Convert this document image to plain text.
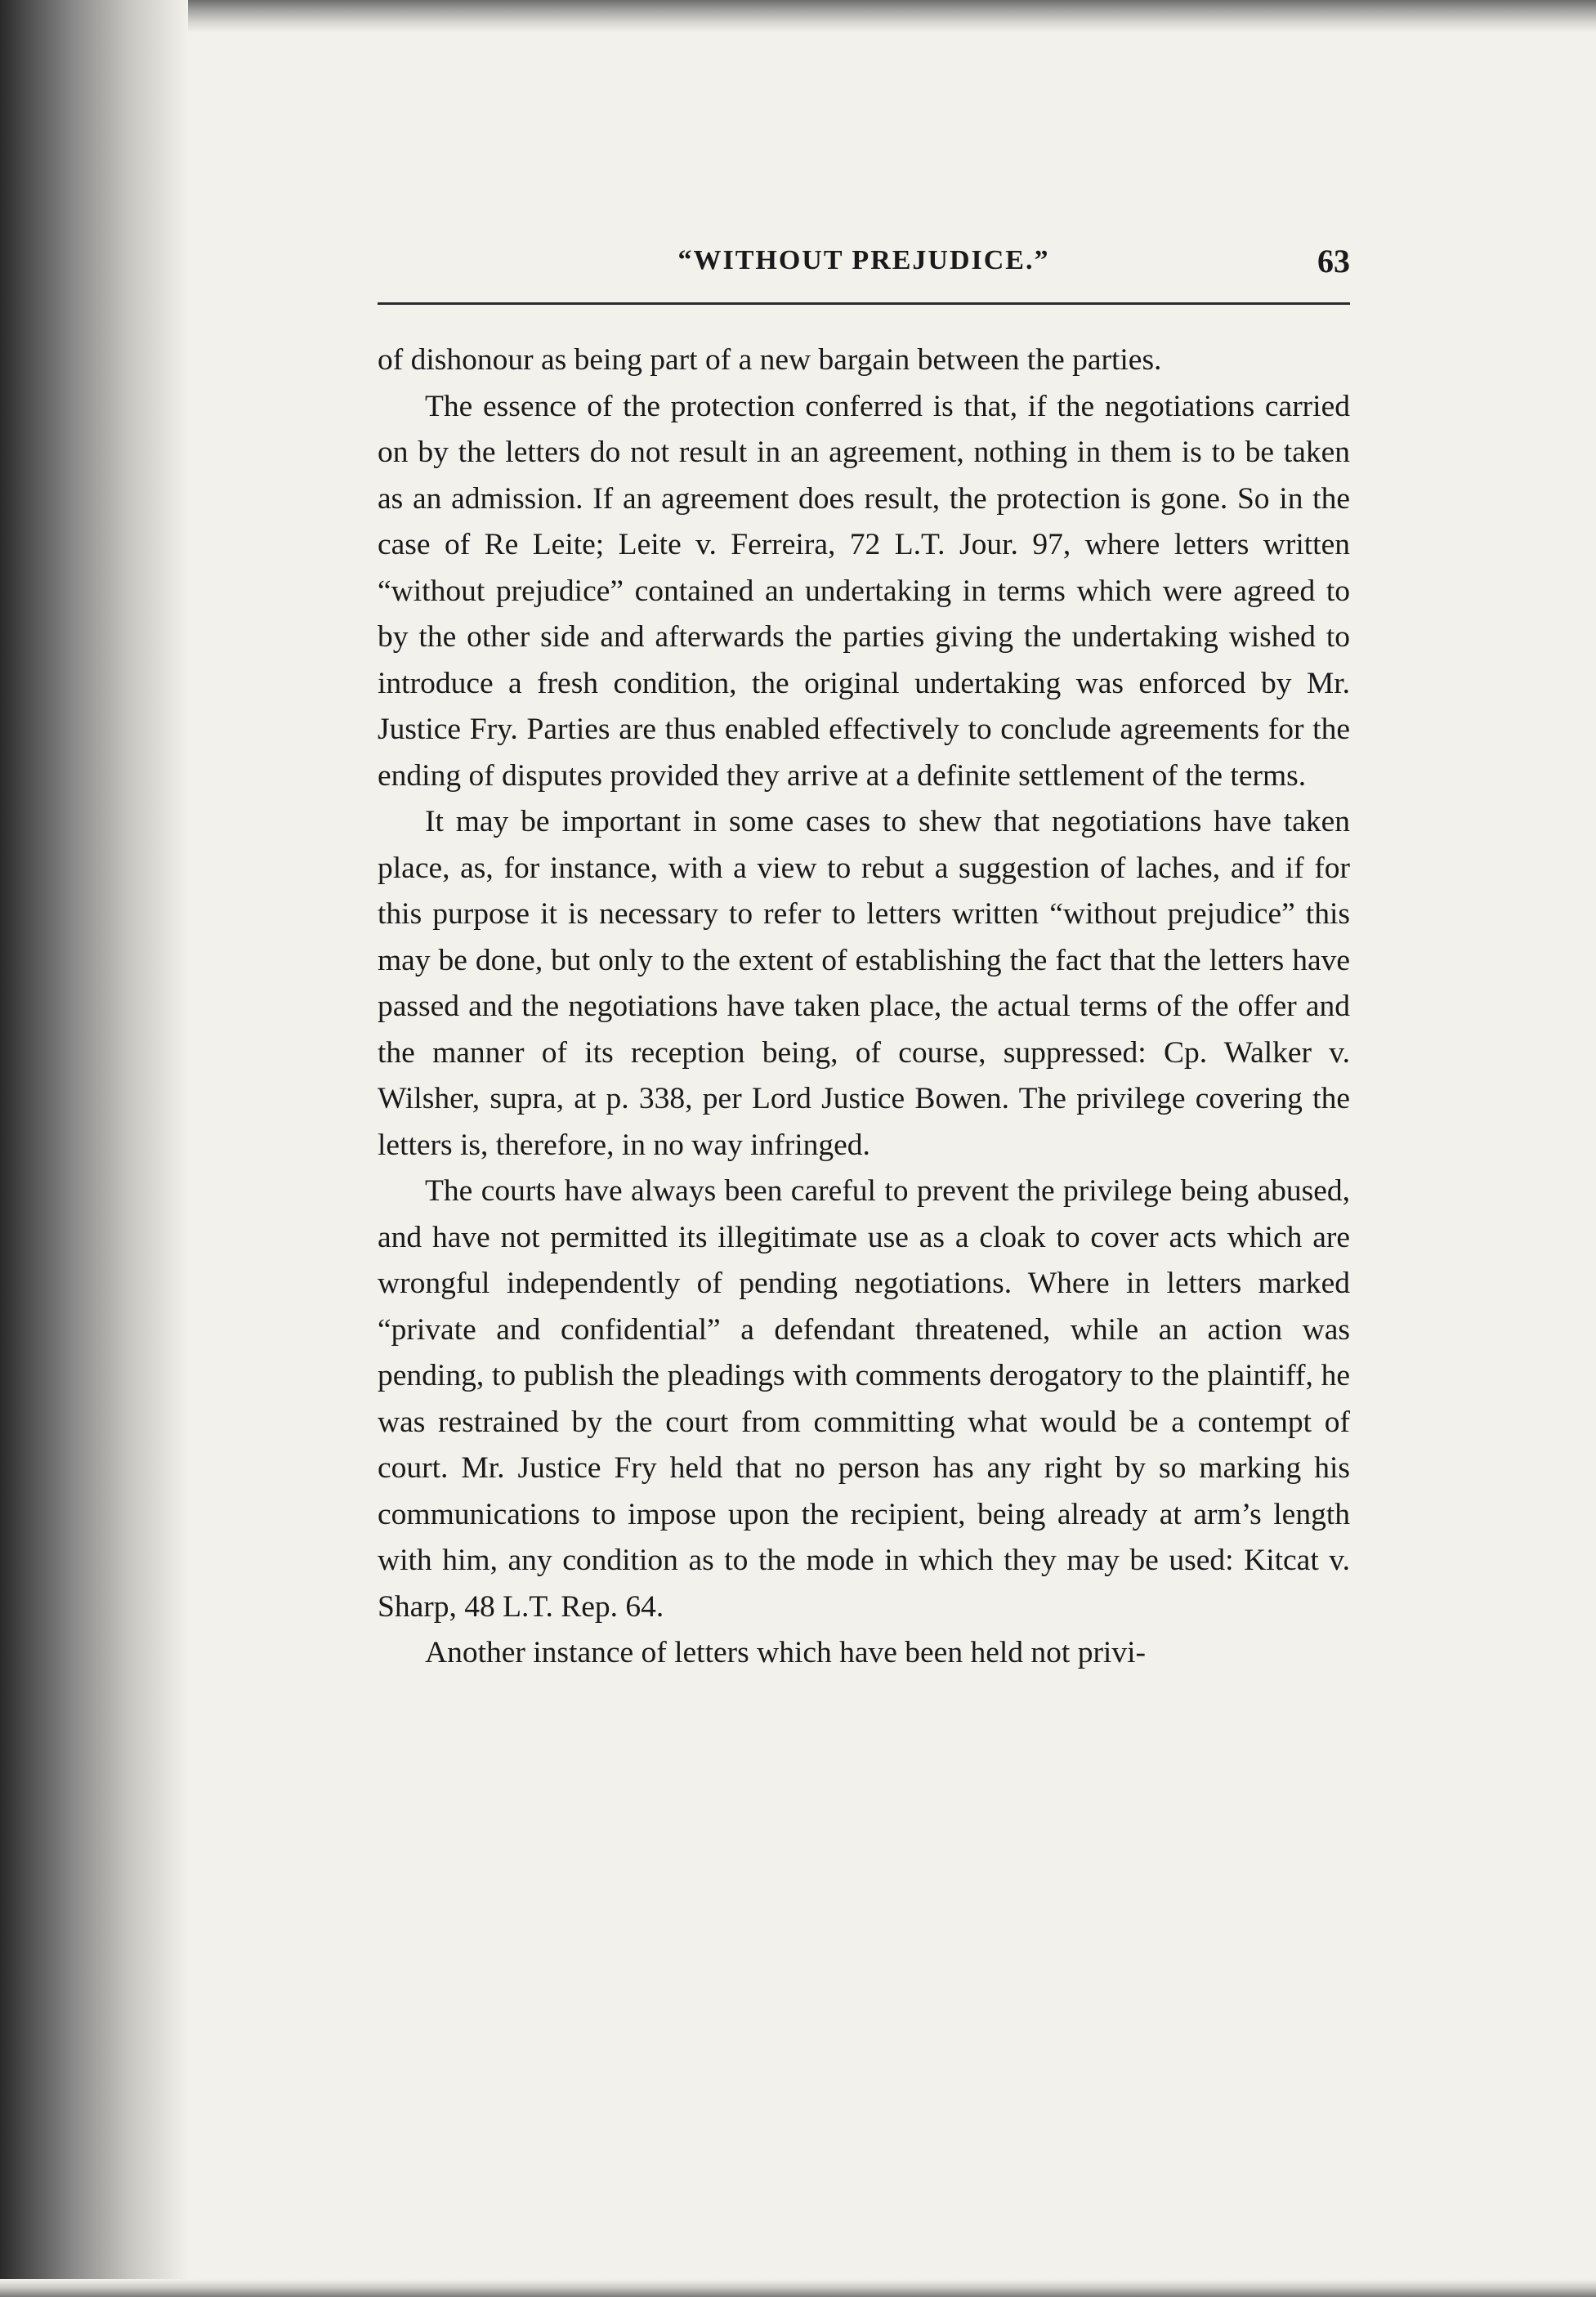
“WITHOUT PREJUDICE.”	63

of dishonour as being part of a new bargain between the parties.

The essence of the protection conferred is that, if the negotiations carried on by the letters do not result in an agreement, nothing in them is to be taken as an admission. If an agreement does result, the protection is gone. So in the case of Re Leite; Leite v. Ferreira, 72 L.T. Jour. 97, where letters written “without prejudice” contained an undertaking in terms which were agreed to by the other side and afterwards the parties giving the undertaking wished to introduce a fresh condition, the original undertaking was enforced by Mr. Justice Fry. Parties are thus enabled effectively to conclude agreements for the ending of disputes provided they arrive at a definite settlement of the terms.

It may be important in some cases to shew that negotiations have taken place, as, for instance, with a view to rebut a suggestion of laches, and if for this purpose it is necessary to refer to letters written “without prejudice” this may be done, but only to the extent of establishing the fact that the letters have passed and the negotiations have taken place, the actual terms of the offer and the manner of its reception being, of course, suppressed: Cp. Walker v. Wilsher, supra, at p. 338, per Lord Justice Bowen. The privilege covering the letters is, therefore, in no way infringed.

The courts have always been careful to prevent the privilege being abused, and have not permitted its illegitimate use as a cloak to cover acts which are wrongful independently of pending negotiations. Where in letters marked “private and confidential” a defendant threatened, while an action was pending, to publish the pleadings with comments derogatory to the plaintiff, he was restrained by the court from committing what would be a contempt of court. Mr. Justice Fry held that no person has any right by so marking his communications to impose upon the recipient, being already at arm’s length with him, any condition as to the mode in which they may be used: Kitcat v. Sharp, 48 L.T. Rep. 64.

Another instance of letters which have been held not privi-
